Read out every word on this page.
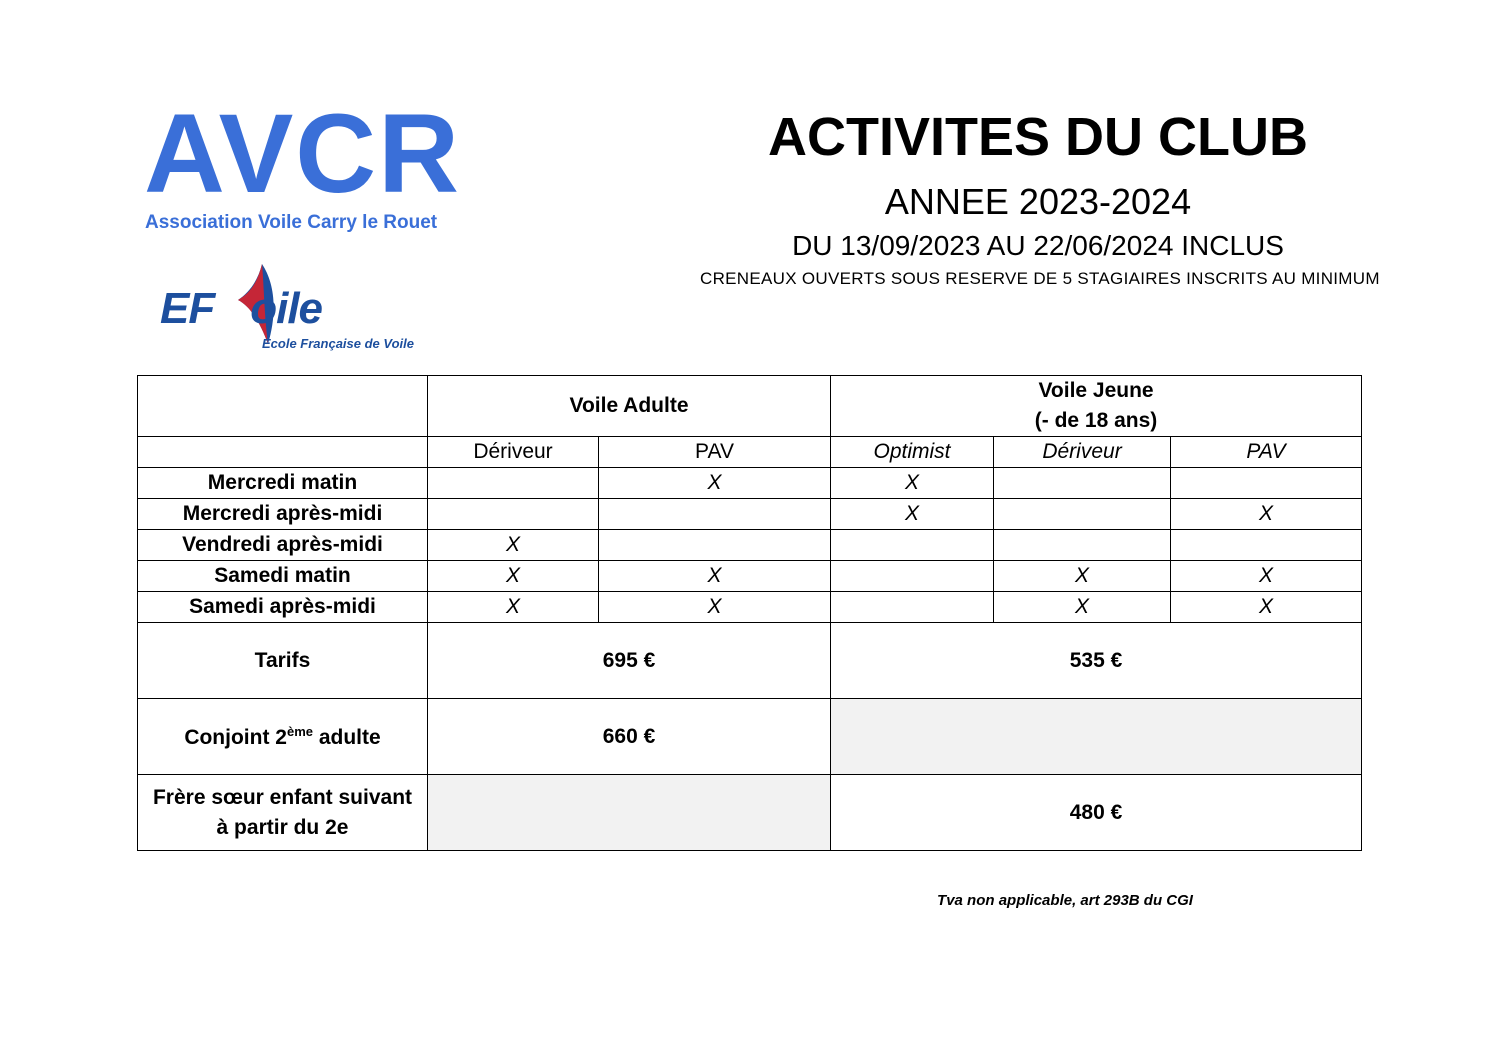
AVCR
Association Voile Carry le Rouet
EF oile
École Française de Voile
ACTIVITES DU CLUB
ANNEE 2023-2024
DU 13/09/2023 AU 22/06/2024 INCLUS
CRENEAUX OUVERTS SOUS RESERVE DE 5 STAGIAIRES INSCRITS AU MINIMUM
	Voile Adulte		Voile Jeune
(- de 18 ans)		
	Dériveur	PAV	Optimist	Dériveur	PAV
Mercredi matin		X	X		
Mercredi après-midi			X		X
Vendredi après-midi	X				
Samedi matin	X	X		X	X
Samedi après-midi	X	X		X	X
Tarifs	695 €		535 €		
Conjoint 2ème adulte	660 €				
Frère sœur enfant suivant
à partir du 2e			480 €		
Tva non applicable, art 293B du CGI
